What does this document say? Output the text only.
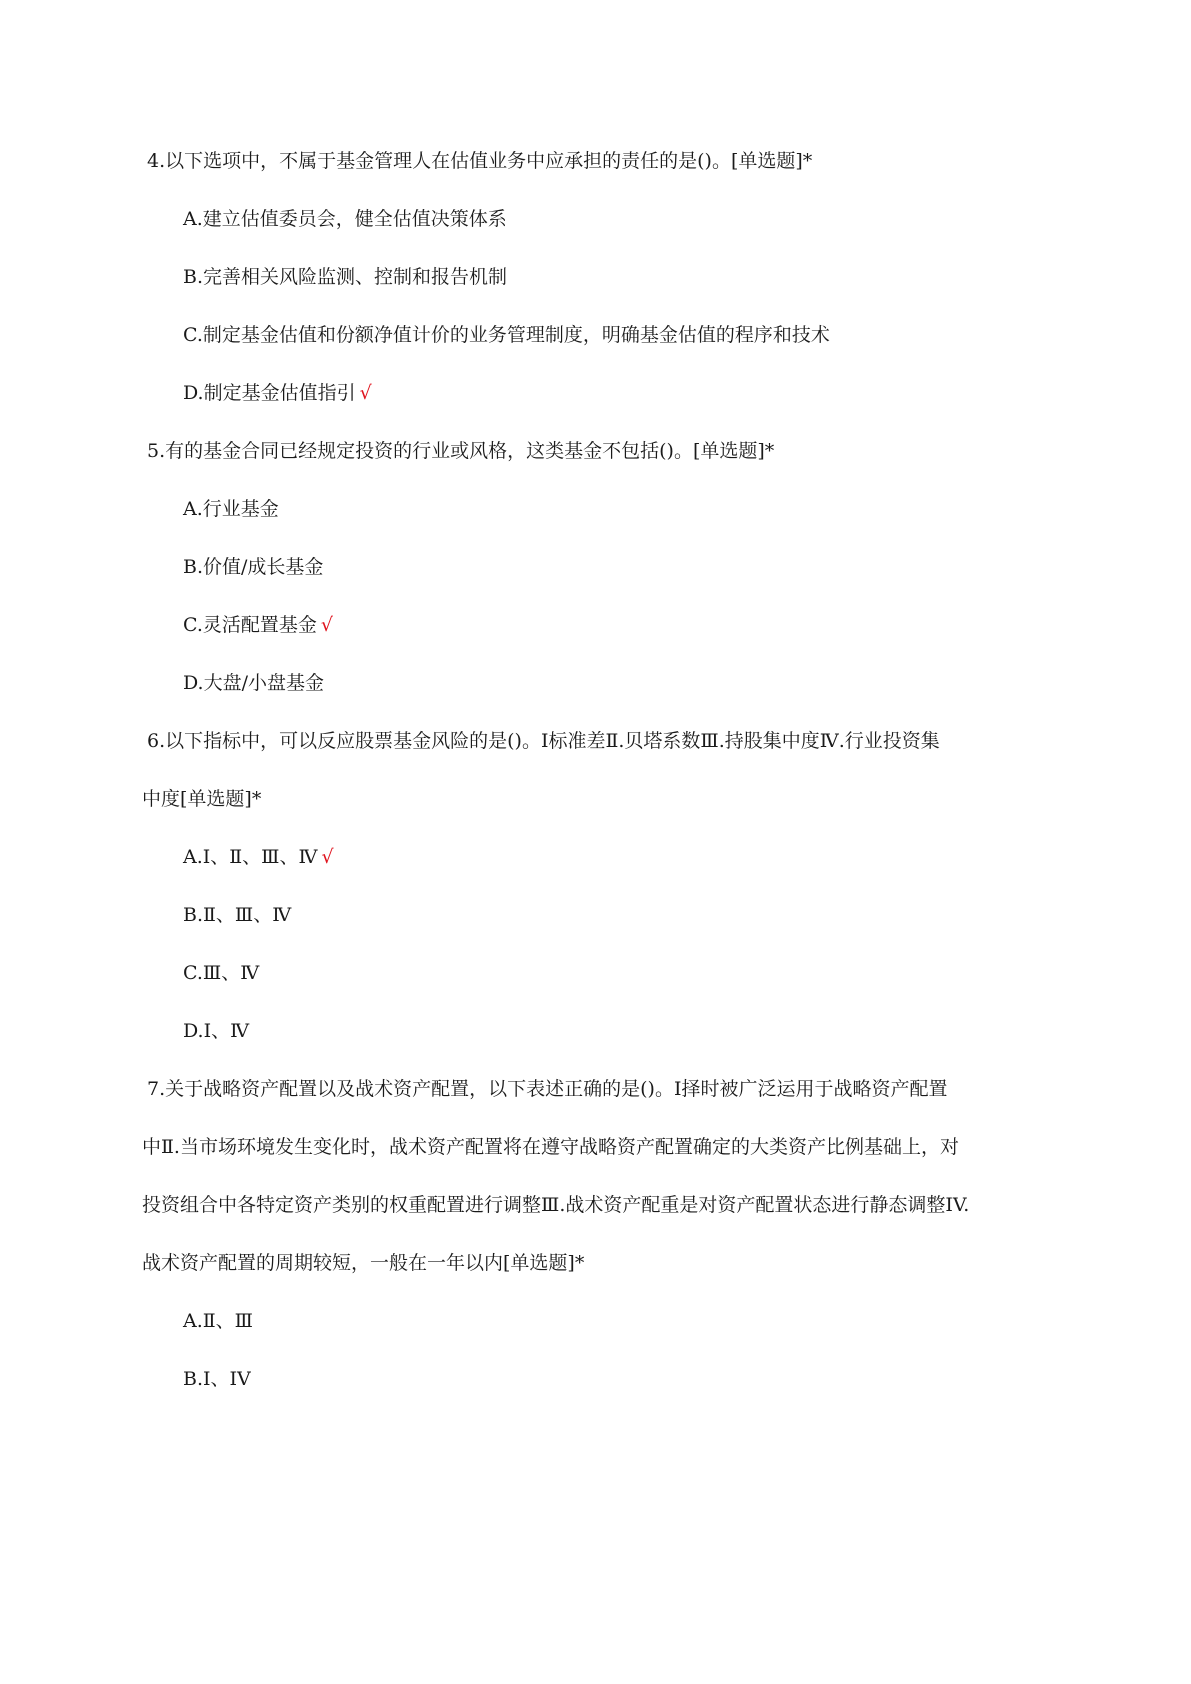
4.以下选项中，不属于基金管理人在估值业务中应承担的责任的是()。[单选题]*
A.建立估值委员会，健全估值决策体系
B.完善相关风险监测、控制和报告机制
C.制定基金估值和份额净值计价的业务管理制度，明确基金估值的程序和技术
D.制定基金估值指引 √
5.有的基金合同已经规定投资的行业或风格，这类基金不包括()。[单选题]*
A.行业基金
B.价值/成长基金
C.灵活配置基金 √
D.大盘/小盘基金
6.以下指标中，可以反应股票基金风险的是()。I标准差Ⅱ.贝塔系数Ⅲ.持股集中度Ⅳ.行业投资集
中度[单选题]*
A.I、Ⅱ、Ⅲ、Ⅳ √
B.Ⅱ、Ⅲ、Ⅳ
C.Ⅲ、Ⅳ
D.I、Ⅳ
7.关于战略资产配置以及战术资产配置，以下表述正确的是()。I择时被广泛运用于战略资产配置
中Ⅱ.当市场环境发生变化时，战术资产配置将在遵守战略资产配置确定的大类资产比例基础上，对
投资组合中各特定资产类别的权重配置进行调整Ⅲ.战术资产配重是对资产配置状态进行静态调整IV.
战术资产配置的周期较短，一般在一年以内[单选题]*
A.Ⅱ、Ⅲ
B.I、IV
